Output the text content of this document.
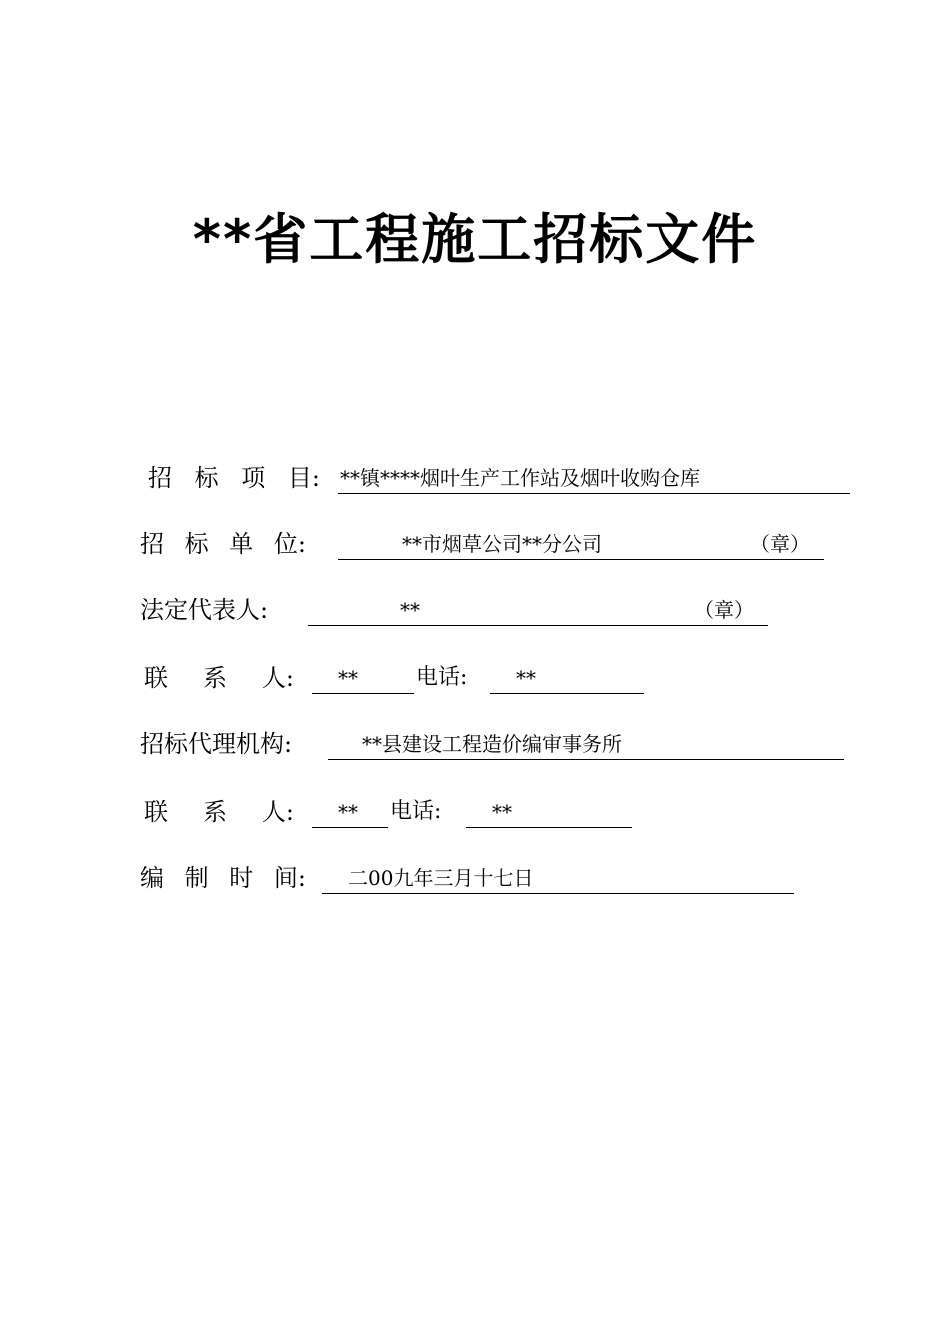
**省工程施工招标文件
招 标 项 目: **镇****烟叶生产工作站及烟叶收购仓库
招 标 单 位:	**市烟草公司**分公司	（章）
法定代表人:	**	（章）
联 系 人: **	电话: **
招标代理机构:	**县建设工程造价编审事务所
联 系 人: ** 电话:	**
编 制 时 间: 二00九年三月十七日
